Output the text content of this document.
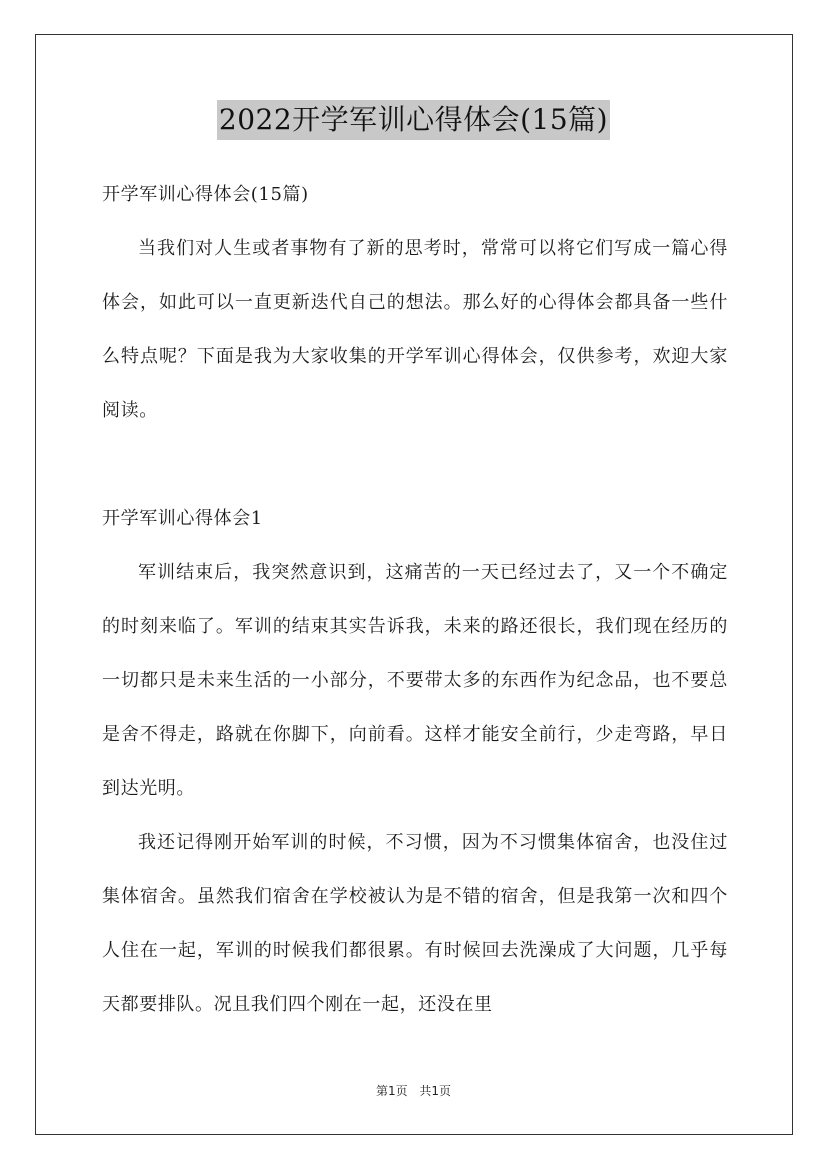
2022开学军训心得体会(15篇)

开学军训心得体会(15篇)

当我们对人生或者事物有了新的思考时，常常可以将它们写成一篇心得体会，如此可以一直更新迭代自己的想法。那么好的心得体会都具备一些什么特点呢？下面是我为大家收集的开学军训心得体会，仅供参考，欢迎大家阅读。

开学军训心得体会1

军训结束后，我突然意识到，这痛苦的一天已经过去了，又一个不确定的时刻来临了。军训的结束其实告诉我，未来的路还很长，我们现在经历的一切都只是未来生活的一小部分，不要带太多的东西作为纪念品，也不要总是舍不得走，路就在你脚下，向前看。这样才能安全前行，少走弯路，早日到达光明。

我还记得刚开始军训的时候，不习惯，因为不习惯集体宿舍，也没住过集体宿舍。虽然我们宿舍在学校被认为是不错的宿舍，但是我第一次和四个人住在一起，军训的时候我们都很累。有时候回去洗澡成了大问题，几乎每天都要排队。况且我们四个刚在一起，还没在里

第1页 共1页
